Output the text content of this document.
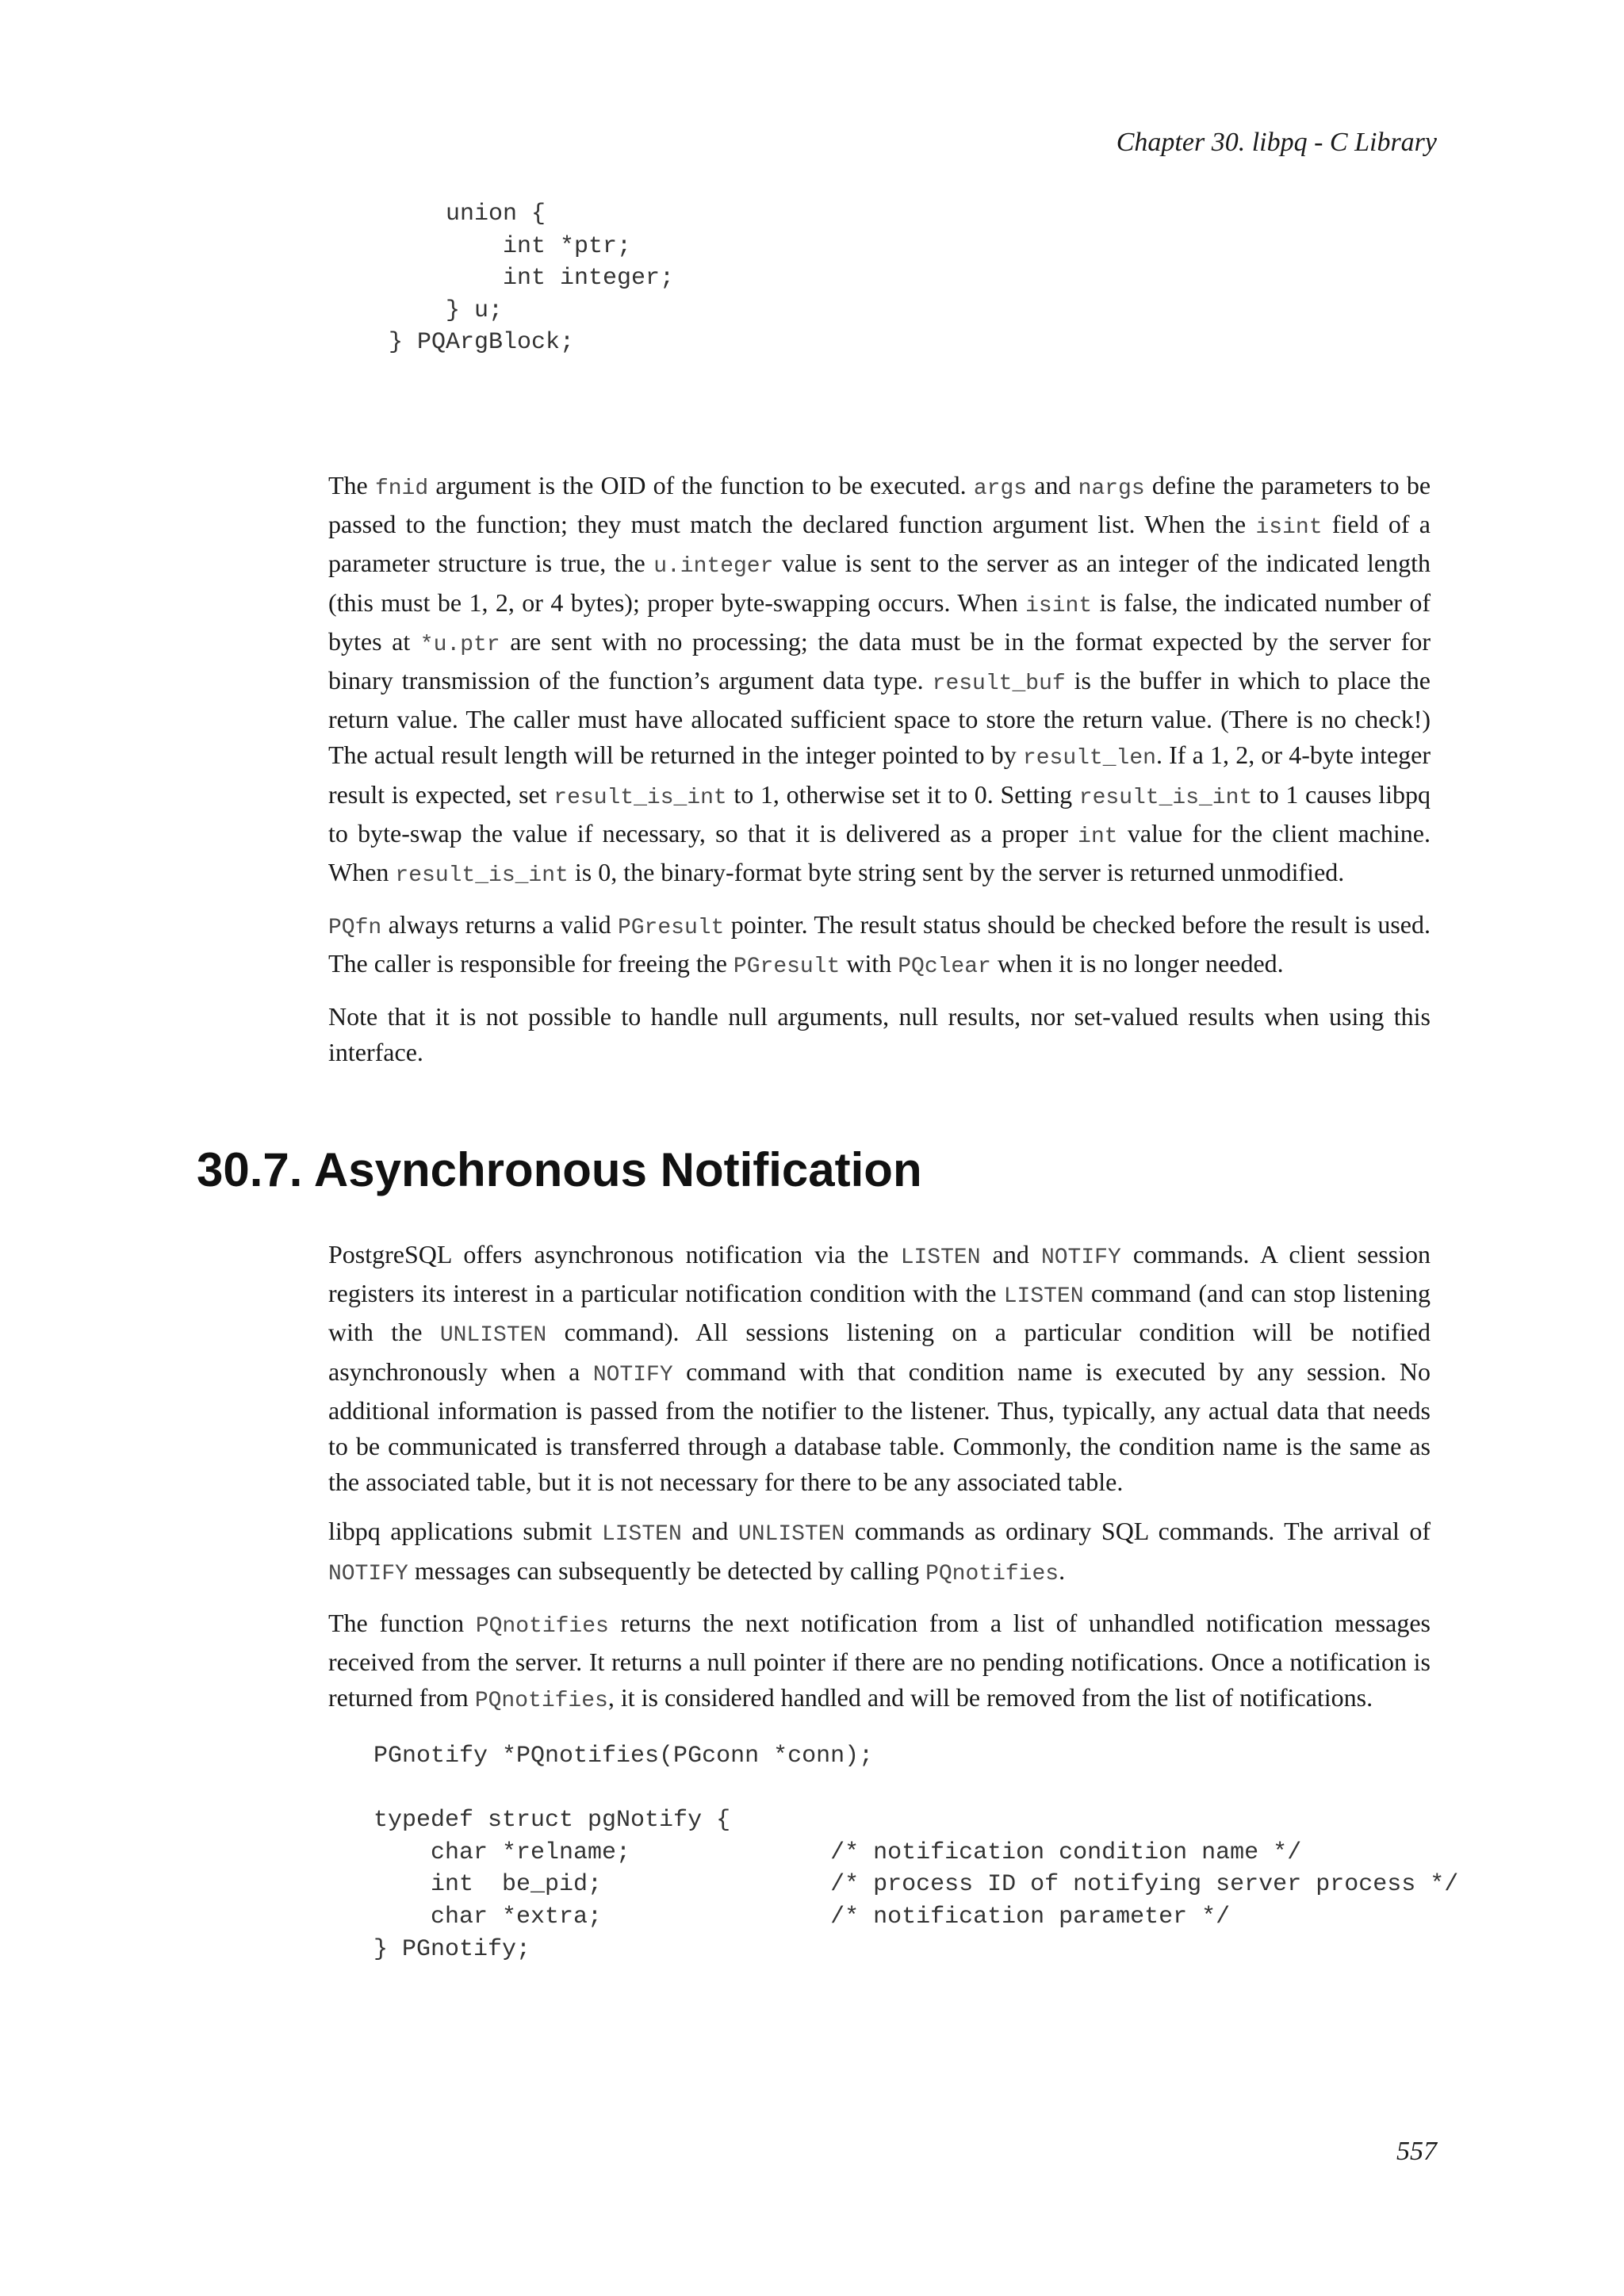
Chapter 30. libpq - C Library
union {
int *ptr;
int integer;
} u;
} PQArgBlock;

The fnid argument is the OID of the function to be executed. args and nargs define the parameters to be passed to the function; they must match the declared function argument list. When the isint field of a parameter structure is true, the u.integer value is sent to the server as an integer of the indicated length (this must be 1, 2, or 4 bytes); proper byte-swapping occurs. When isint is false, the indicated number of bytes at *u.ptr are sent with no processing; the data must be in the format expected by the server for binary transmission of the function’s argument data type. result_buf is the buffer in which to place the return value. The caller must have allocated sufficient space to store the return value. (There is no check!) The actual result length will be returned in the integer pointed to by result_len. If a 1, 2, or 4-byte integer result is expected, set result_is_int to 1, otherwise set it to 0. Setting result_is_int to 1 causes libpq to byte-swap the value if necessary, so that it is delivered as a proper int value for the client machine. When result_is_int is 0, the binary-format byte string sent by the server is returned unmodified.

PQfn always returns a valid PGresult pointer. The result status should be checked before the result is used. The caller is responsible for freeing the PGresult with PQclear when it is no longer needed.

Note that it is not possible to handle null arguments, null results, nor set-valued results when using this interface.

30.7. Asynchronous Notification

PostgreSQL offers asynchronous notification via the LISTEN and NOTIFY commands. A client session registers its interest in a particular notification condition with the LISTEN command (and can stop listening with the UNLISTEN command). All sessions listening on a particular condition will be notified asynchronously when a NOTIFY command with that condition name is executed by any session. No additional information is passed from the notifier to the listener. Thus, typically, any actual data that needs to be communicated is transferred through a database table. Commonly, the condition name is the same as the associated table, but it is not necessary for there to be any associated table.

libpq applications submit LISTEN and UNLISTEN commands as ordinary SQL commands. The arrival of NOTIFY messages can subsequently be detected by calling PQnotifies.

The function PQnotifies returns the next notification from a list of unhandled notification messages received from the server. It returns a null pointer if there are no pending notifications. Once a notification is returned from PQnotifies, it is considered handled and will be removed from the list of notifications.

PGnotify *PQnotifies(PGconn *conn);

typedef struct pgNotify {
char *relname;              /* notification condition name */
int  be_pid;                /* process ID of notifying server process */
char *extra;                /* notification parameter */
} PGnotify;
557
